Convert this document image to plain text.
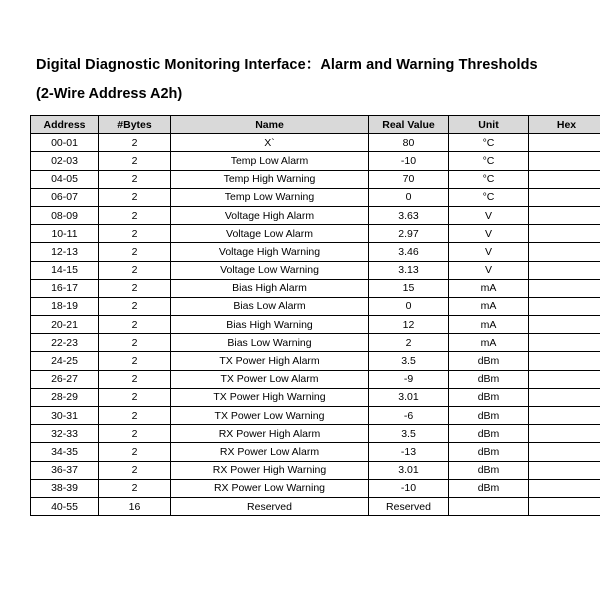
Digital Diagnostic Monitoring Interface：Alarm and Warning Thresholds
(2-Wire Address A2h)
Address	#Bytes	Name	Real Value	Unit	Hex
00-01	2	X`	80	°C	
02-03	2	Temp Low Alarm	-10	°C	
04-05	2	Temp High Warning	70	°C	
06-07	2	Temp Low Warning	0	°C	
08-09	2	Voltage High Alarm	3.63	V	
10-11	2	Voltage Low Alarm	2.97	V	
12-13	2	Voltage High Warning	3.46	V	
14-15	2	Voltage Low Warning	3.13	V	
16-17	2	Bias High Alarm	15	mA	
18-19	2	Bias Low Alarm	0	mA	
20-21	2	Bias High Warning	12	mA	
22-23	2	Bias Low Warning	2	mA	
24-25	2	TX Power High Alarm	3.5	dBm	
26-27	2	TX Power Low Alarm	-9	dBm	
28-29	2	TX Power High Warning	3.01	dBm	
30-31	2	TX Power Low Warning	-6	dBm	
32-33	2	RX Power High Alarm	3.5	dBm	
34-35	2	RX Power Low Alarm	-13	dBm	
36-37	2	RX Power High Warning	3.01	dBm	
38-39	2	RX Power Low Warning	-10	dBm	
40-55	16	Reserved	Reserved		
